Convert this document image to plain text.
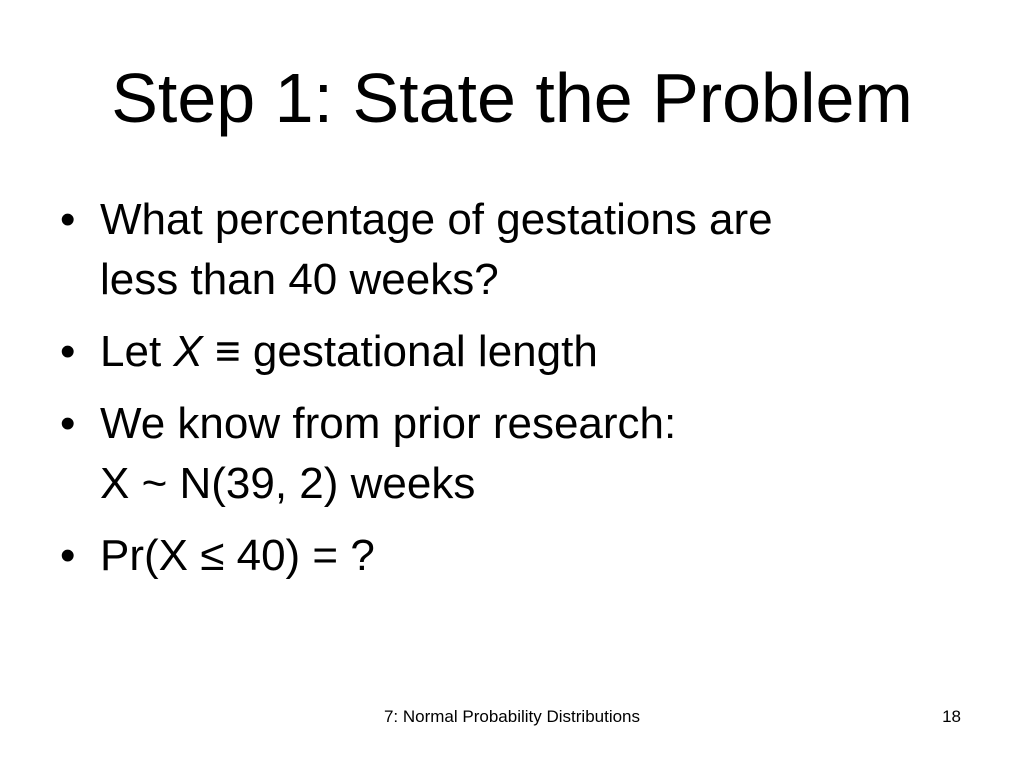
Step 1: State the Problem
• What percentage of gestations are
less than 40 weeks?
• Let X ≡ gestational length
• We know from prior research:
X ~ N(39, 2) weeks
• Pr(X ≤ 40) = ?
7: Normal Probability Distributions	18
